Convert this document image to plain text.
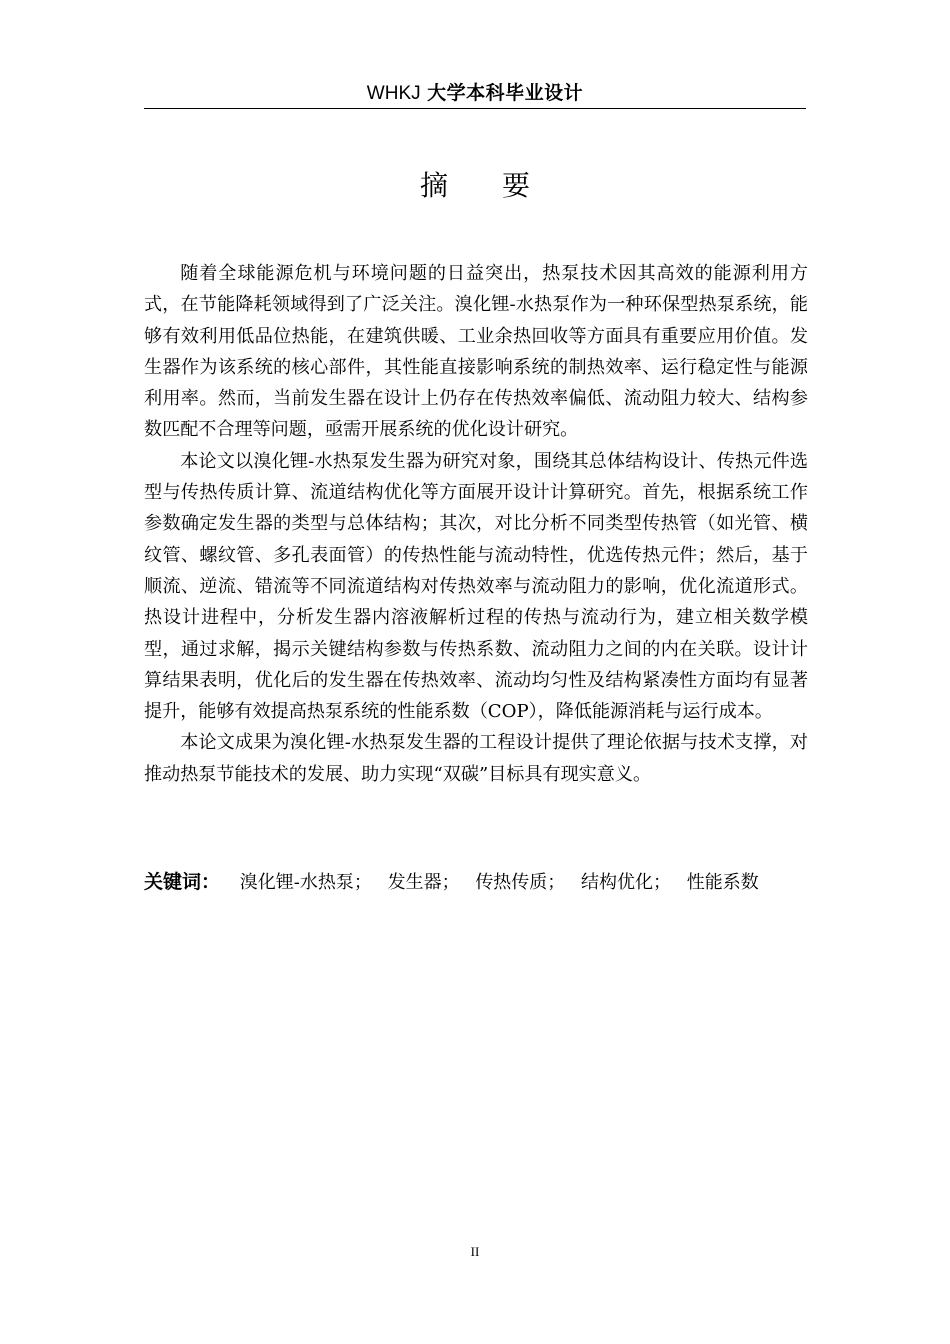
WHKJ 大学本科毕业设计
摘要

随着全球能源危机与环境问题的日益突出，热泵技术因其高效的能源利用方式，在节能降耗领域得到了广泛关注。溴化锂-水热泵作为一种环保型热泵系统，能够有效利用低品位热能，在建筑供暖、工业余热回收等方面具有重要应用价值。发生器作为该系统的核心部件，其性能直接影响系统的制热效率、运行稳定性与能源利用率。然而，当前发生器在设计上仍存在传热效率偏低、流动阻力较大、结构参数匹配不合理等问题，亟需开展系统的优化设计研究。

本论文以溴化锂-水热泵发生器为研究对象，围绕其总体结构设计、传热元件选型与传热传质计算、流道结构优化等方面展开设计计算研究。首先，根据系统工作参数确定发生器的类型与总体结构；其次，对比分析不同类型传热管（如光管、横纹管、螺纹管、多孔表面管）的传热性能与流动特性，优选传热元件；然后，基于顺流、逆流、错流等不同流道结构对传热效率与流动阻力的影响，优化流道形式。热设计进程中，分析发生器内溶液解析过程的传热与流动行为，建立相关数学模型，通过求解，揭示关键结构参数与传热系数、流动阻力之间的内在关联。设计计算结果表明，优化后的发生器在传热效率、流动均匀性及结构紧凑性方面均有显著提升，能够有效提高热泵系统的性能系数（COP），降低能源消耗与运行成本。

本论文成果为溴化锂-水热泵发生器的工程设计提供了理论依据与技术支撑，对推动热泵节能技术的发展、助力实现“双碳”目标具有现实意义。

关键词： 溴化锂-水热泵； 发生器； 传热传质； 结构优化； 性能系数
II
